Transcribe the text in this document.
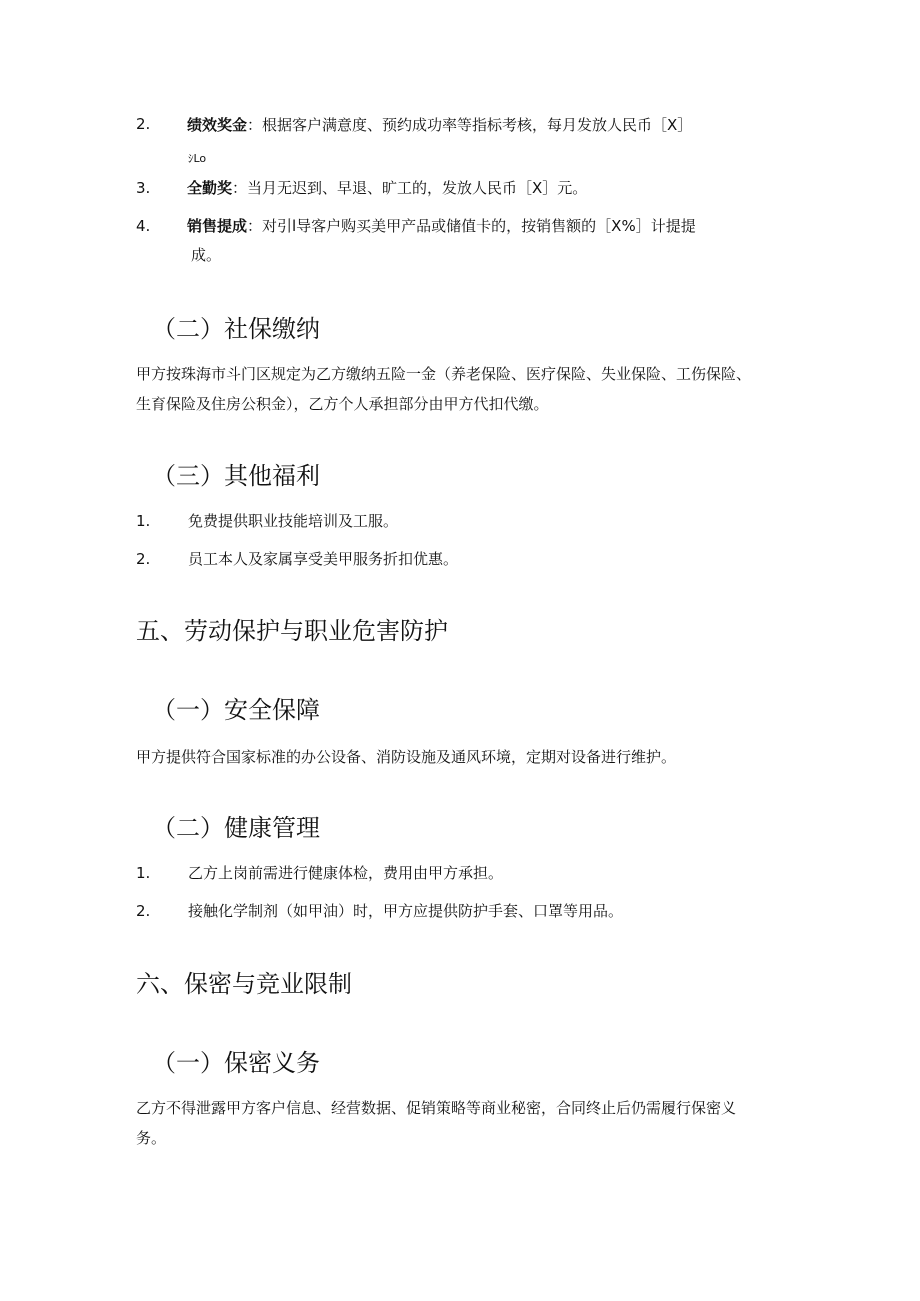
2. 绩效奖金：根据客户满意度、预约成功率等指标考核，每月发放人民币［X］
ｼLo
3. 全勤奖：当月无迟到、早退、旷工的，发放人民币［X］元。
4. 销售提成：对引l导客户购买美甲产品或储值卡的，按销售额的［X%］计提提
成。
（二）社保缴纳
甲方按珠海市斗门区规定为乙方缴纳五险一金（养老保险、医疗保险、失业保险、工伤保险、
生育保险及住房公积金），乙方个人承担部分由甲方代扣代缴。
（三）其他福利
1.	免费提供职业技能培训及工服。
2.	员工本人及家属享受美甲服务折扣优惠。
五、劳动保护与职业危害防护
（一）安全保障
甲方提供符合国家标准的办公设备、消防设施及通风环境，定期对设备进行维护。
（二）健康管理
1.	乙方上岗前需进行健康体检，费用由甲方承担。
2.	接触化学制剂（如甲油）时，甲方应提供防护手套、口罩等用品。
六、保密与竞业限制
（一）保密义务
乙方不得泄露甲方客户信息、经营数据、促销策略等商业秘密，合同终止后仍需履行保密义
务。
